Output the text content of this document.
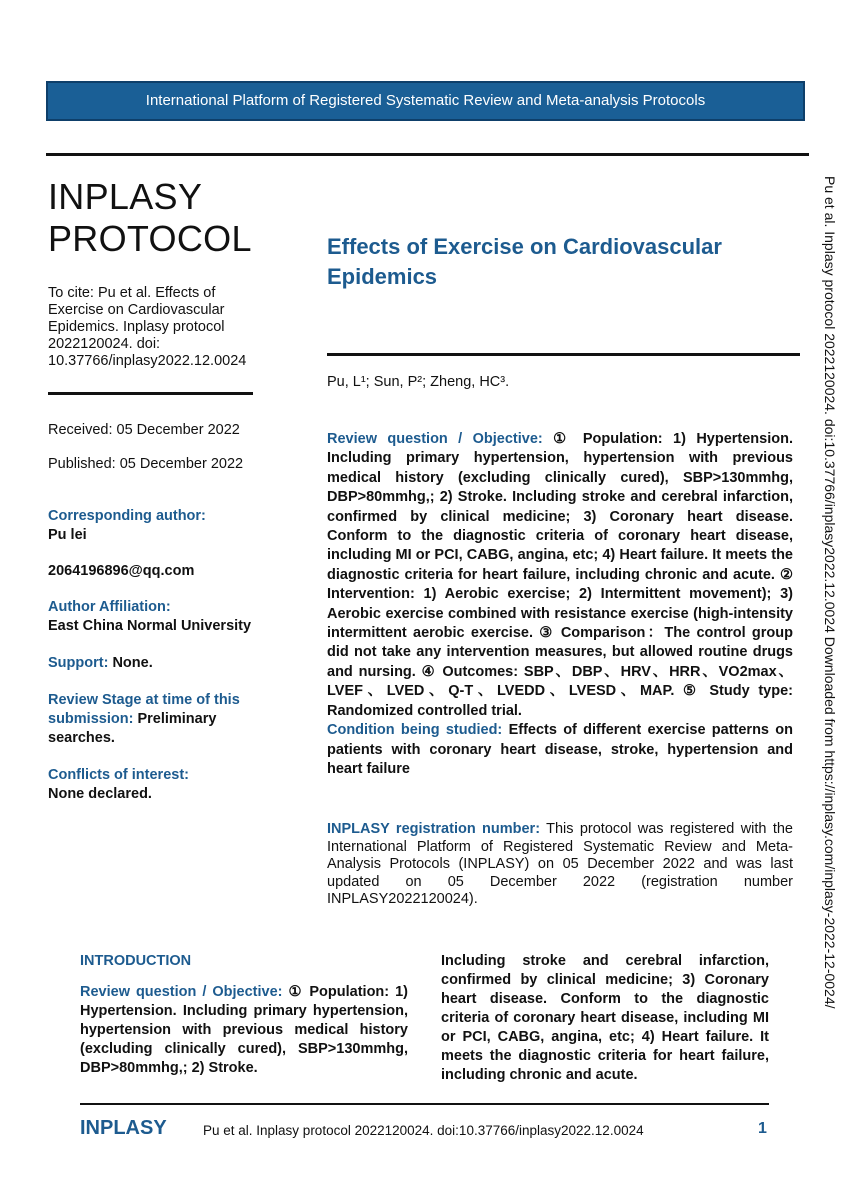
International Platform of Registered Systematic Review and Meta-analysis Protocols
INPLASY
PROTOCOL
To cite: Pu et al. Effects of Exercise on Cardiovascular Epidemics. Inplasy protocol 2022120024. doi: 10.37766/inplasy2022.12.0024
Received: 05 December 2022
Published: 05 December 2022
Corresponding author:
Pu lei
2064196896@qq.com
Author Affiliation:
East China Normal University
Support: None.
Review Stage at time of this submission: Preliminary searches.
Conflicts of interest:
None declared.
Effects of Exercise on Cardiovascular Epidemics
Pu, L¹; Sun, P²; Zheng, HC³.
Review question / Objective: ① Population: 1) Hypertension. Including primary hypertension, hypertension with previous medical history (excluding clinically cured), SBP>130mmhg, DBP>80mmhg,; 2) Stroke. Including stroke and cerebral infarction, confirmed by clinical medicine; 3) Coronary heart disease. Conform to the diagnostic criteria of coronary heart disease, including MI or PCI, CABG, angina, etc; 4) Heart failure. It meets the diagnostic criteria for heart failure, including chronic and acute. ② Intervention: 1) Aerobic exercise; 2) Intermittent movement); 3) Aerobic exercise combined with resistance exercise (high-intensity intermittent aerobic exercise. ③ Comparison：The control group did not take any intervention measures, but allowed routine drugs and nursing. ④ Outcomes: SBP、DBP、HRV、HRR、VO2max、LVEF、LVED、Q-T、LVEDD、LVESD、MAP. ⑤ Study type: Randomized controlled trial.
Condition being studied: Effects of different exercise patterns on patients with coronary heart disease, stroke, hypertension and heart failure
INPLASY registration number: This protocol was registered with the International Platform of Registered Systematic Review and Meta-Analysis Protocols (INPLASY) on 05 December 2022 and was last updated on 05 December 2022 (registration number INPLASY2022120024).
INTRODUCTION
Review question / Objective: ① Population: 1) Hypertension. Including primary hypertension, hypertension with previous medical history (excluding clinically cured), SBP>130mmhg, DBP>80mmhg,; 2) Stroke.
Including stroke and cerebral infarction, confirmed by clinical medicine; 3) Coronary heart disease. Conform to the diagnostic criteria of coronary heart disease, including MI or PCI, CABG, angina, etc; 4) Heart failure. It meets the diagnostic criteria for heart failure, including chronic and acute.
Pu et al. Inplasy protocol 2022120024. doi:10.37766/inplasy2022.12.0024 Downloaded from https://inplasy.com/inplasy-2022-12-0024/
INPLASY	Pu et al. Inplasy protocol 2022120024. doi:10.37766/inplasy2022.12.0024	1
